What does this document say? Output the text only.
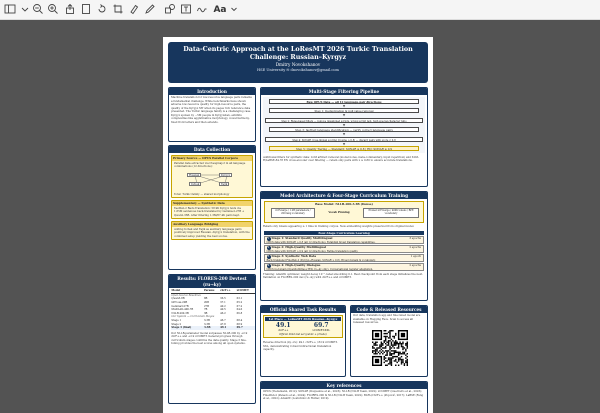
Aa
Data-Centric Approach at the LoResMT 2026 Turkic Translation Challenge: Russian–Kyrgyz
Dmitry Novokshanov
HSE University ✉ dnovokshanov@gmail.com
Introduction
Machine translation for low-resource language pairs remains a fundamental challenge. While benchmarks have shown adverse low-resource quality for high-resource pairs, the quality of the Kyrgyz MT when its pages rich reference data presented. The Turkic language family is a challenging case. Kyrgyz spoken by ~5M people in Kyrgyzstan, exhibits complexities like agglutinative morphology, vowel harmony, fixed front letters and then extends.
Data Collection
Primary Source — OPUS Parallel Corpora
Parallel data extracted via Ctaugmajor in all language combinations (12 directions):
Russian	Kyrgyz
Uzbek	Tajik
Total: Turkic family — shared morphology
Supplementary — Synthetic Data
TaeWeb-2 Back-Translation: 58.9K Kyrgyz texts via 1.65M sentences back-translated by Gemma-2-27B + Qwen2-35B. After filtering 1.3M/67.4K pairs kept.
Auxiliary Language Bridging
Adding Uzbek and Tajik as auxiliary language pairs positively improved Russian→Kyrgyz translation, with the combined setup yielding the best scores.
Results: FLORES-200 Devtest (ru→ky)
Model	Params	chrF++	xCOMET
Open-Source Baselines			
Qwen3-8B	8B	36.5	63.1
GPT-oss-20B	20B	37.1	65.2
Gemma3-27B	27B	40.2	67.2
MADLAD-400-7B	7B	40.5	64.6
NLLB-200-3B	3B	46.2	66.8
Our System — Curriculum Stages			
Stage 1	3.3B	46.7	68.4
Stage 2	3.3B	47.8	68.9
Stage 3 (final)	3.3B	49.1	69.7
Our NLLB-parameter model surpasses NLLB-200 by +2.9 chrF++ and +2.9 xCOMET. General progress through curriculum stages confirms the data quality. Stage 3 fine-tuning provides the best scores among all open systems.
Multi-Stage Filtering Pipeline
Raw OPUS Data — all 12 language-pair directions
▼
Step 1: Deduplication & null value removal
▼
Step 2: Rules-based filters — remove misaligned scripts, wrong script text, high special-character ratio
▼
Step 3: fastText language identification — verify correct language pairs
▼
Step 4: SONAR cross-lingual scoring (Cosine ≥ 0.8) — discard pairs with score < 0.8
▼
Step 5: Quality Tiering — Standard: SONAR ≥ 0.8 | HQ: SONAR ≥ 0.9
Additional filters for synthetic data: LLM artifact removal (model notes, meta-commentary, input repetition) and XLM-R/LaBSE-84.78 EN cross-encoder over filtering — retain only pairs with λ ≥ 0.80 to ensure accurate translations.
Model Architecture & Four-Stage Curriculum Training
Base Model: NLLB-200-3.3B (Dense)
mT5-large / 1.2B parameters / 200 lang vocabulary	Vocab Pruning
Pruned mT5-large / 400K tokens / BPE vocabulary
Retain only tokens appearing ≥ 1 time in training corpus. New embedding weights preserved from original model.
Four-Stage Curriculum Learning
1 Stage 1: Standard Quality Multilingual	3 epochs
OPUS data with SONAR ≥ 0.8 (all 12 directions). Establish broad translation capabilities.
2 Stage 2: High-Quality Multilingual	2 epochs
OPUS data with SONAR ≥ 0.9 (all 12 directions). Refine translation quality.
3 Stage 3: Synthetic Web Data	1 epoch
Back-translated FineWeb-2 (Kyrgyz→Russian, SONAR ≥ 0.8). Broad domain & vocabulary.
4 Stage 4: High-Quality Dialogue	2 epochs
OPUS in-domain (OpenSubtitles+TED, ru→ky only). Conversational register adaptation.
Training: AdamW optimizer, weight decay 10⁻⁵, label smoothing 0.1. Best checkpoint from each stage initializes the next. Validation on FLORES-200 dev (ru→ky) with chrF++ and xCOMET.
Official Shared Task Results
1st Place — LoResMT 2026 Russian→Kyrgyz
49.1
chrF++
69.7
xCOMET-XXL
Official blind test set (public + private)
Reverse direction (ky→ru): 49.1 chrF++ / 82.9 xCOMET-XXL, demonstrating robust bidirectional translation capacity.
Code & Released Resources
Our data, translation app and fine-tuned model are available on Hugging Face. Scan to access all released resources.
Key references
OPUS (Tiedemann, 2012); SONAR (Duquenne et al., 2023); NLLB (NLLB Team, 2022); xCOMET (Guerreiro et al., 2023); FineWeb-2 (Penedo et al., 2024); FLORES-200 & NLLB (NLLB Team, 2022); BLEU/chrF++ (Popović, 2017); LaBSE (Feng et al., 2022); AdamW (Loshchilov & Hutter, 2019).
